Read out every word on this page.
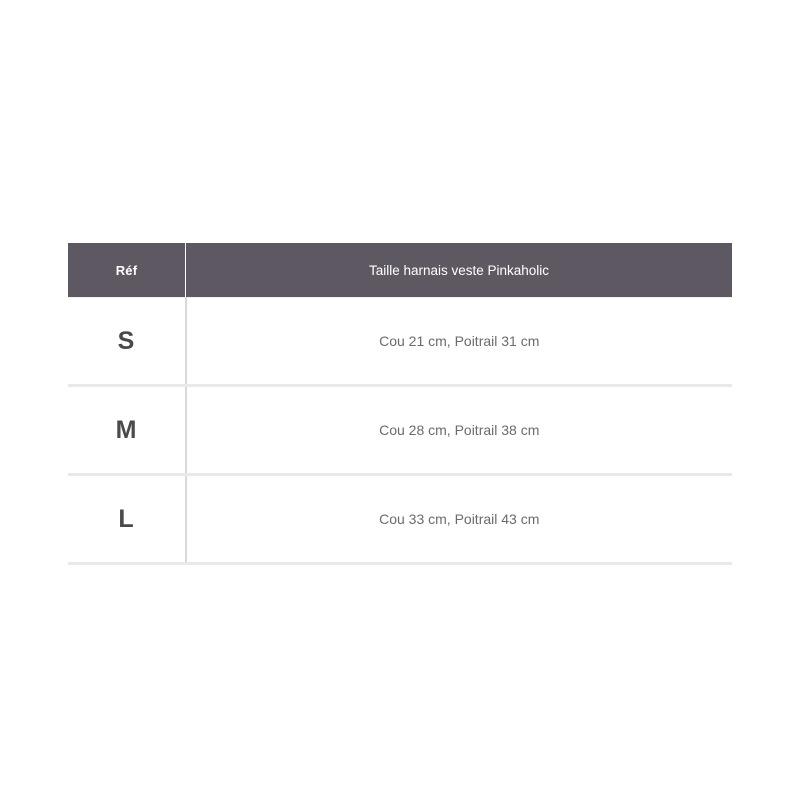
Réf	Taille harnais veste Pinkaholic
S	Cou 21 cm, Poitrail 31 cm

M	Cou 28 cm, Poitrail 38 cm

L	Cou 33 cm, Poitrail 43 cm
